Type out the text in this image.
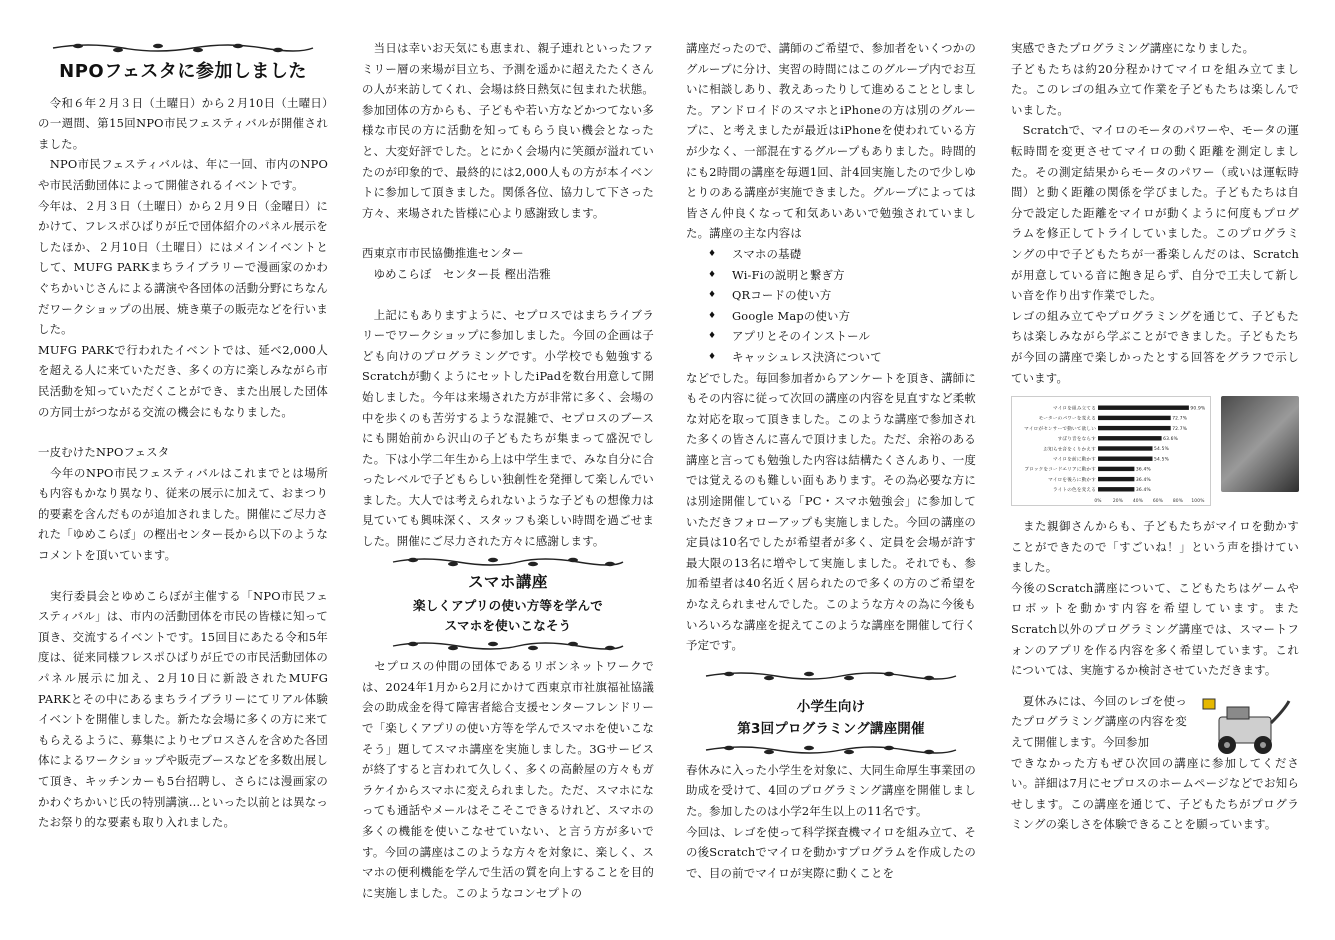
NPOフェスタに参加しました

　令和６年２月３日（土曜日）から２月10日（土曜日）の一週間、第15回NPO市民フェスティバルが開催されました。

　NPO市民フェスティバルは、年に一回、市内のNPOや市民活動団体によって開催されるイベントです。

今年は、２月３日（土曜日）から２月９日（金曜日）にかけて、フレスポひばりが丘で団体紹介のパネル展示をしたほか、２月10日（土曜日）にはメインイベントとして、MUFG PARKまちライブラリーで漫画家のかわぐちかいじさんによる講演や各団体の活動分野にちなんだワークショップの出展、焼き菓子の販売などを行いました。

MUFG PARKで行われたイベントでは、延べ2,000人を超える人に来ていただき、多くの方に楽しみながら市民活動を知っていただくことができ、また出展した団体の方同士がつながる交流の機会にもなりました。

一皮むけたNPOフェスタ

　今年のNPO市民フェスティバルはこれまでとは場所も内容もかなり異なり、従来の展示に加えて、おまつり的要素を含んだものが追加されました。開催にご尽力された「ゆめこらぼ」の樫出センター長から以下のようなコメントを頂いています。

　実行委員会とゆめこらぼが主催する「NPO市民フェスティバル」は、市内の活動団体を市民の皆様に知って頂き、交流するイベントです。15回目にあたる令和5年度は、従来同様フレスポひばりが丘での市民活動団体のパネル展示に加え、2月10日に新設されたMUFG PARKとその中にあるまちライブラリーにてリアル体験イベントを開催しました。新たな会場に多くの方に来てもらえるように、募集によりセプロスさんを含めた各団体によるワークショップや販売ブースなどを多数出展して頂き、キッチンカーも5台招聘し、さらには漫画家のかわぐちかいじ氏の特別講演…といった以前とは異なったお祭り的な要素も取り入れました。

　当日は幸いお天気にも恵まれ、親子連れといったファミリー層の来場が目立ち、予測を遥かに超えたたくさんの人が来訪してくれ、会場は終日熱気に包まれた状態。参加団体の方からも、子どもや若い方などかつてない多様な市民の方に活動を知ってもらう良い機会となったと、大変好評でした。とにかく会場内に笑顔が溢れていたのが印象的で、最終的には2,000人もの方が本イベントに参加して頂きました。関係各位、協力して下さった方々、来場された皆様に心より感謝致します。

西東京市市民協働推進センター

　ゆめこらぼ　センター長 樫出浩雅

　上記にもありますように、セプロスではまちライブラリーでワークショップに参加しました。今回の企画は子ども向けのプログラミングです。小学校でも勉強するScratchが動くようにセットしたiPadを数台用意して開始しました。今年は来場された方が非常に多く、会場の中を歩くのも苦労するような混雑で、セプロスのブースにも開始前から沢山の子どもたちが集まって盛況でした。下は小学二年生から上は中学生まで、みな自分に合ったレベルで子どもらしい独創性を発揮して楽しんでいました。大人では考えられないような子どもの想像力は見ていても興味深く、スタッフも楽しい時間を過ごせました。開催にご尽力された方々に感謝します。

スマホ講座
楽しくアプリの使い方等を学んで
スマホを使いこなそう

　セプロスの仲間の団体であるリボンネットワークでは、2024年1月から2月にかけて西東京市社旗福祉協議会の助成金を得て障害者総合支援センターフレンドリーで「楽しくアプリの使い方等を学んでスマホを使いこなそう」題してスマホ講座を実施しました。3Gサービスが終了すると言われて久しく、多くの高齢屋の方々もガラケイからスマホに変えられました。ただ、スマホになっても通話やメールはそこそこできるけれど、スマホの多くの機能を使いこなせていない、と言う方が多いです。今回の講座はこのような方々を対象に、楽しく、スマホの便利機能を学んで生活の質を向上することを目的に実施しました。このようなコンセプトの

講座だったので、講師のご希望で、参加者をいくつかのグループに分け、実習の時間にはこのグループ内でお互いに相談しあり、教えあったりして進めることとしました。アンドロイドのスマホとiPhoneの方は別のグループに、と考えましたが最近はiPhoneを使われている方が少なく、一部混在するグループもありました。時間的にも2時間の講座を毎週1回、計4回実施したので少しゆとりのある講座が実施できました。グループによっては皆さん仲良くなって和気あいあいで勉強されていました。講座の主な内容は

♦ スマホの基礎
♦ Wi-Fiの説明と繋ぎ方
♦ QRコードの使い方
♦ Google Mapの使い方
♦ アプリとそのインストール
♦ キャッシュレス決済について

などでした。毎回参加者からアンケートを頂き、講師にもその内容に従って次回の講座の内容を見直すなど柔軟な対応を取って頂きました。このような講座で参加された多くの皆さんに喜んで頂けました。ただ、余裕のある講座と言っても勉強した内容は結構たくさんあり、一度では覚えるのも難しい面もあります。その為必要な方には別途開催している「PC・スマホ勉強会」に参加していただきフォローアップも実施しました。今回の講座の定員は10名でしたが希望者が多く、定員を会場が許す最大限の13名に増やして実施しました。それでも、参加希望者は40名近く居られたので多くの方のご希望をかなえられませんでした。このような方々の為に今後もいろいろな講座を捉えてこのような講座を開催して行く予定です。

小学生向け
第3回プログラミング講座開催

春休みに入った小学生を対象に、大同生命厚生事業団の助成を受けて、4回のプログラミング講座を開催しました。参加したのは小学2年生以上の11名です。

今回は、レゴを使って科学探査機マイロを組み立て、その後Scratchでマイロを動かすプログラムを作成したので、目の前でマイロが実際に動くことを

実感できたプログラミング講座になりました。

子どもたちは約20分程かけてマイロを組み立てました。このレゴの組み立て作業を子どもたちは楽しんでいました。

　Scratchで、マイロのモータのパワーや、モータの運転時間を変更させてマイロの動く距離を測定しました。その測定結果からモータのパワー（或いは運転時間）と動く距離の関係を学びました。子どもたちは自分で設定した距離をマイロが動くように何度もプログラムを修正してトライしていました。このプログラミングの中で子どもたちが一番楽しんだのは、Scratchが用意している音に飽き足らず、自分で工夫して新しい音を作り出す作業でした。

レゴの組み立てやプログラミングを通じて、子どもたちは楽しみながら学ぶことができました。子どもたちが今回の講座で楽しかったとする回答をグラフで示しています。

マイロを組み立てる	90.9%
モーターのパワーを変える	72.7%
マイロがセンサーで動いて欲しい	72.7%
すぼり音をならす	63.6%
お知らせ音をくりかえす	54.5%
マイロを前に動かす	54.5%
ブロックをコードエリアに動かす	36.4%
マイロを後ろに動かす	36.4%
ライトの色を変える	36.4%
0%	20% 40% 60% 80% 100%

　また親御さんからも、子どもたちがマイロを動かすことができたので「すごいね！」という声を掛けていました。

今後のScratch講座について、こどもたちはゲームやロボットを動かす内容を希望しています。またScratch以外のプログラミング講座では、スマートフォンのアプリを作る内容を多く希望しています。これについては、実施するか検討させていただきます。

　夏休みには、今回のレゴを使ったプログラミング講座の内容を変えて開催します。今回参加
できなかった方もぜひ次回の講座に参加してください。詳細は7月にセプロスのホームページなどでお知らせします。この講座を通じて、子どもたちがプログラミングの楽しさを体験できることを願っています。
